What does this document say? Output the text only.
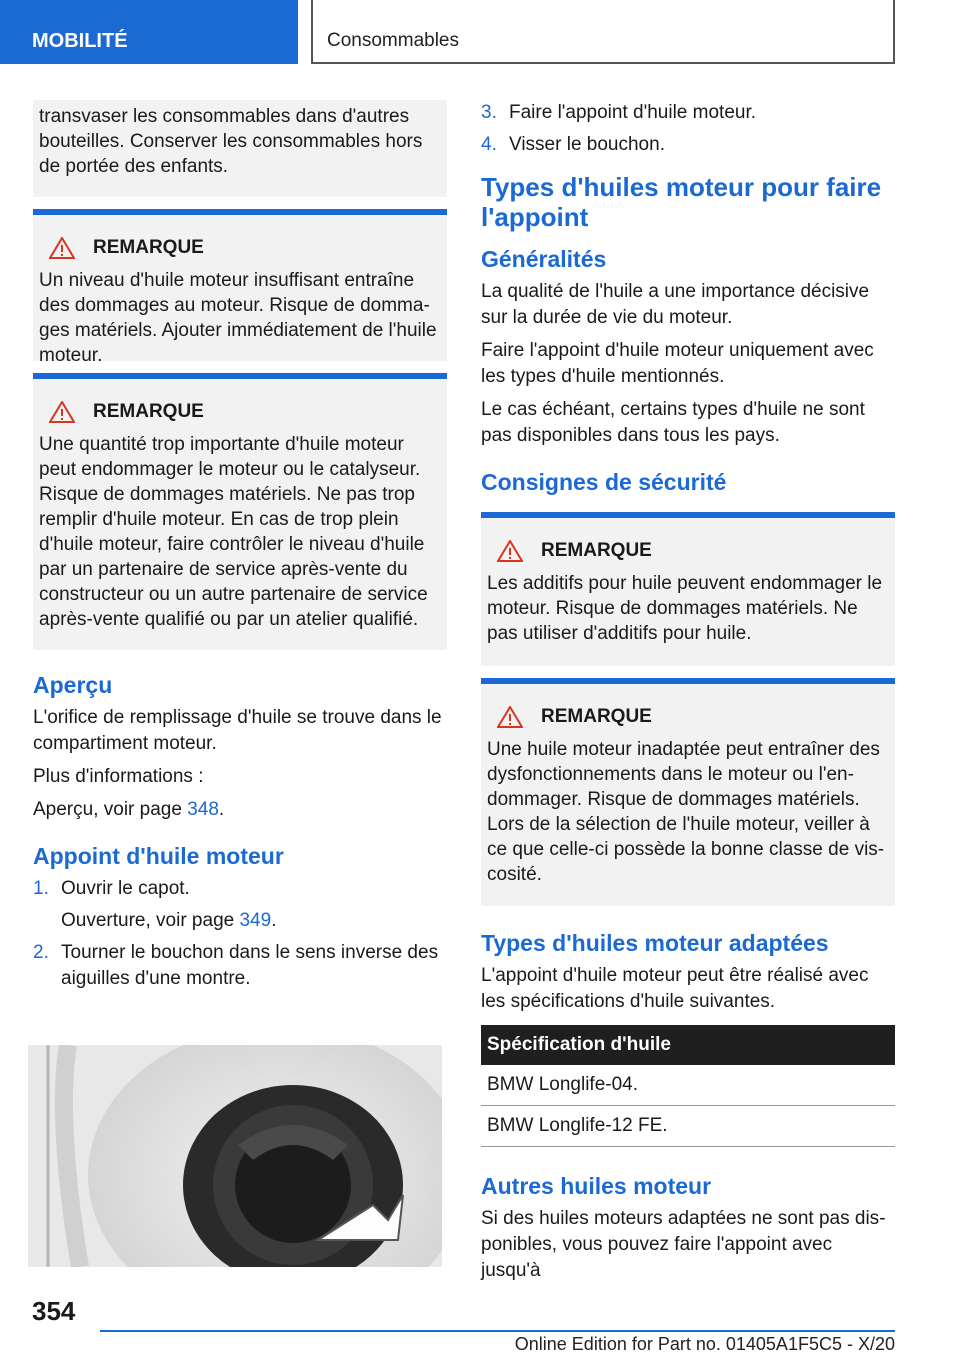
MOBILITÉ	Consommables
transvaser les consommables dans d'autres bouteilles. Conserver les consommables hors de portée des enfants.
REMARQUE
Un niveau d'huile moteur insuffisant entraîne des dommages au moteur. Risque de dommages matériels. Ajouter immédiatement de l'huile moteur.
REMARQUE
Une quantité trop importante d'huile moteur peut endommager le moteur ou le catalyseur. Risque de dommages matériels. Ne pas trop remplir d'huile moteur. En cas de trop plein d'huile moteur, faire contrôler le niveau d'huile par un partenaire de service après-vente du constructeur ou un autre partenaire de service après-vente qualifié ou par un atelier qualifié.
Aperçu

L'orifice de remplissage d'huile se trouve dans le compartiment moteur.

Plus d'informations :

Aperçu, voir page 348.

Appoint d'huile moteur
1. Ouvrir le capot.
Ouverture, voir page 349.
2. Tourner le bouchon dans le sens inverse des aiguilles d'une montre.
3. Faire l'appoint d'huile moteur.
4. Visser le bouchon.
Types d'huiles moteur pour faire l'appoint
Généralités

La qualité de l'huile a une importance décisive sur la durée de vie du moteur.

Faire l'appoint d'huile moteur uniquement avec les types d'huile mentionnés.

Le cas échéant, certains types d'huile ne sont pas disponibles dans tous les pays.

Consignes de sécurité
REMARQUE
Les additifs pour huile peuvent endommager le moteur. Risque de dommages matériels. Ne pas utiliser d'additifs pour huile.
REMARQUE
Une huile moteur inadaptée peut entraîner des dysfonctionnements dans le moteur ou l'endommager. Risque de dommages matériels. Lors de la sélection de l'huile moteur, veiller à ce que celle-ci possède la bonne classe de viscosité.
Types d'huiles moteur adaptées

L'appoint d'huile moteur peut être réalisé avec les spécifications d'huile suivantes.

Spécification d'huile
BMW Longlife-04.
BMW Longlife-12 FE.
Autres huiles moteur

Si des huiles moteurs adaptées ne sont pas disponibles, vous pouvez faire l'appoint avec jusqu'à

354
Online Edition for Part no. 01405A1F5C5 - X/20
